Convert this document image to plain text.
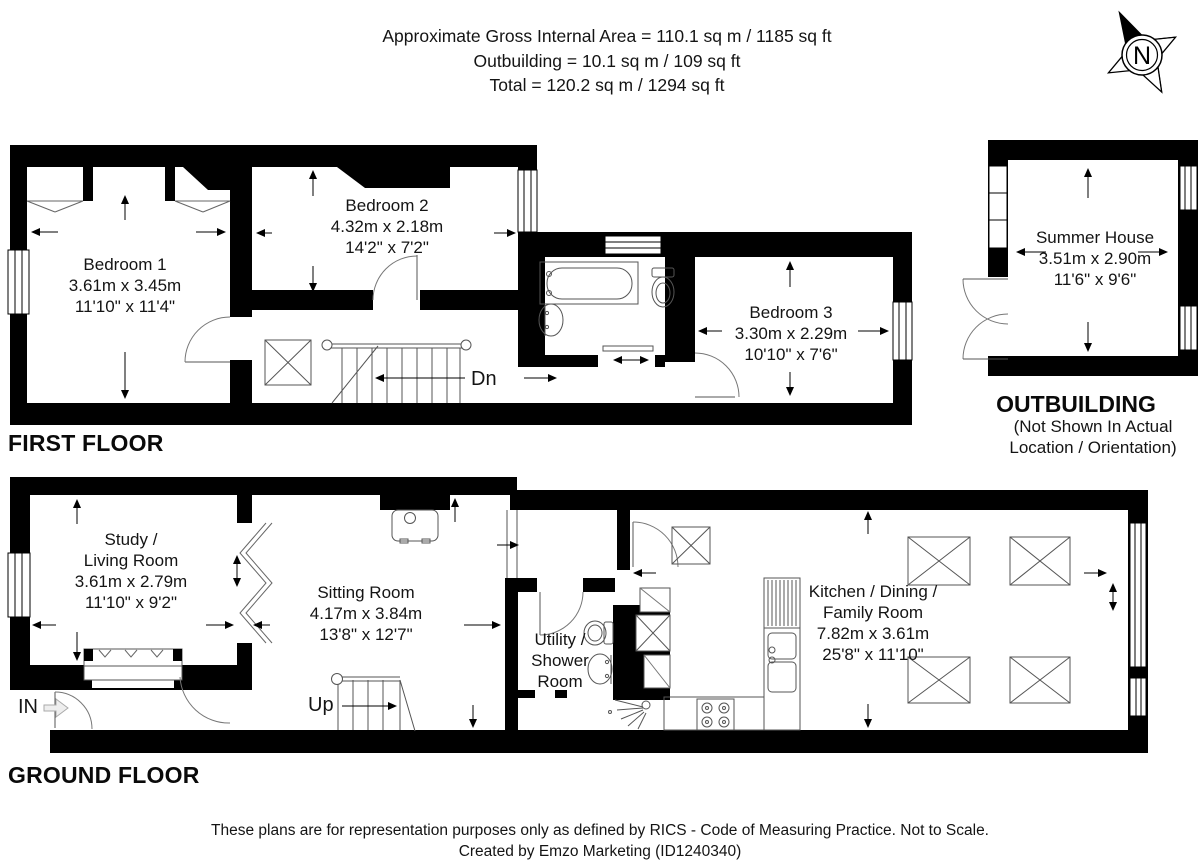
N
Approximate Gross Internal Area = 110.1 sq m / 1185 sq ft
Outbuilding = 10.1 sq m / 109 sq ft
Total = 120.2 sq m / 1294 sq ft
Bedroom 1
3.61m x 3.45m
11'10" x 11'4"
Bedroom 2
4.32m x 2.18m
14'2" x 7'2"
Bedroom 3
3.30m x 2.29m
10'10" x 7'6"
Summer House
3.51m x 2.90m
11'6" x 9'6"
Study /
Living Room
3.61m x 2.79m
11'10" x 9'2"
Sitting Room
4.17m x 3.84m
13'8" x 12'7"	Utility /
Shower
Room
Kitchen / Dining /
Family Room
7.82m x 3.61m
25'8" x 11'10"
Dn
Up
IN
FIRST FLOOR
GROUND FLOOR
OUTBUILDING
(Not Shown In Actual
Location / Orientation)
These plans are for representation purposes only as defined by RICS - Code of Measuring Practice. Not to Scale.
Created by Emzo Marketing (ID1240340)
